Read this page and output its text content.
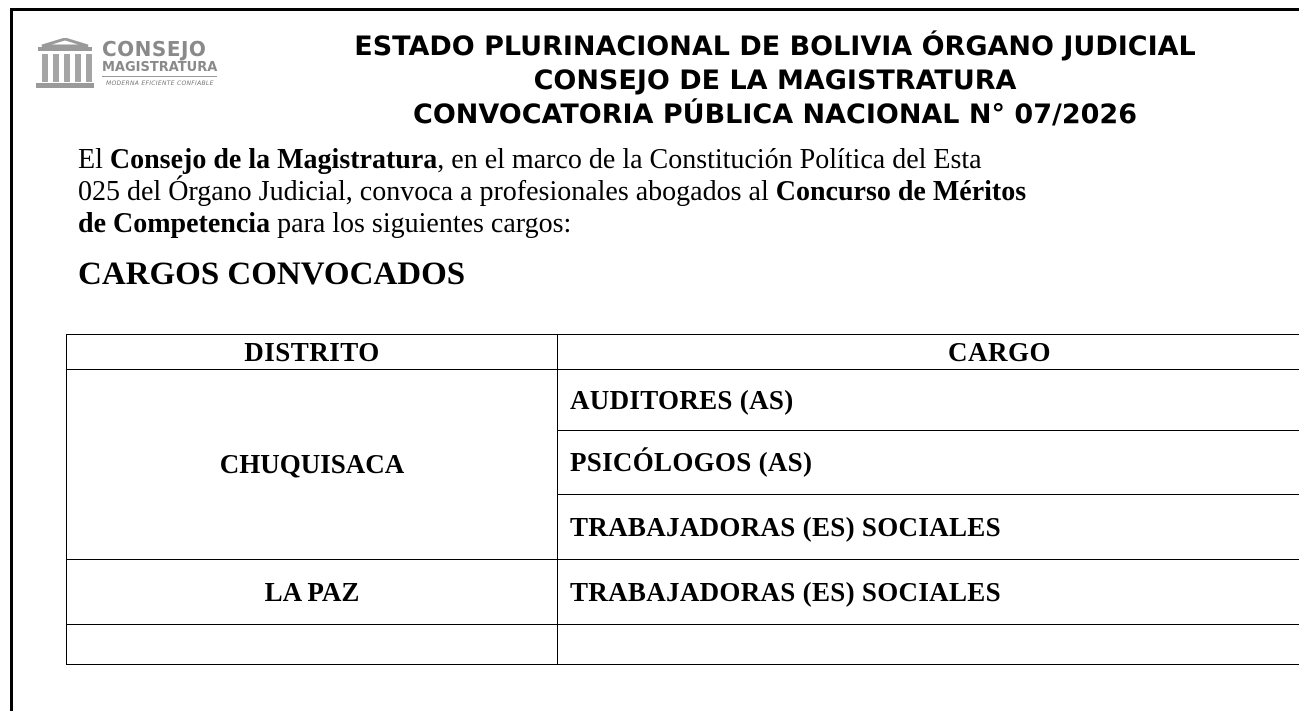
CONSEJO
MAGISTRATURA
MODERNA EFICIENTE CONFIABLE
ESTADO PLURINACIONAL DE BOLIVIA ÓRGANO JUDICIAL
CONSEJO DE LA MAGISTRATURA
CONVOCATORIA PÚBLICA NACIONAL N° 07/2026
El Consejo de la Magistratura, en el marco de la Constitución Política del Esta
025 del Órgano Judicial, convoca a profesionales abogados al Concurso de Méritos
de Competencia para los siguientes cargos:
CARGOS CONVOCADOS
DISTRITO	CARGO
CHUQUISACA	AUDITORES (AS)
	PSICÓLOGOS (AS)
	TRABAJADORAS (ES) SOCIALES
LA PAZ	TRABAJADORAS (ES) SOCIALES
